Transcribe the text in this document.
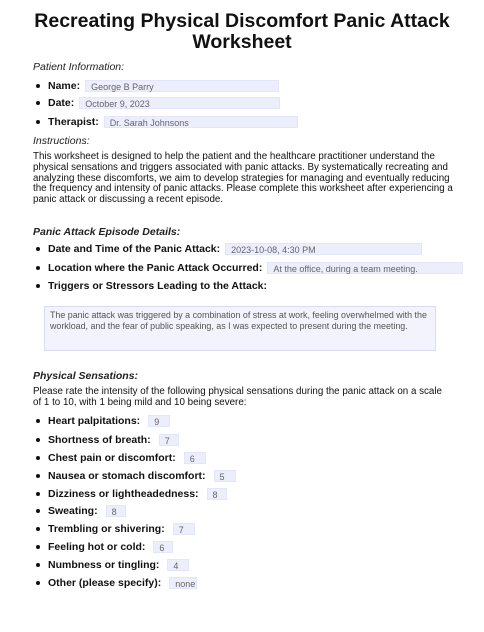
Recreating Physical Discomfort Panic Attack Worksheet
Patient Information:
Name:	George B Parry
Date:	October 9, 2023
Therapist:	Dr. Sarah Johnsons
Instructions:
This worksheet is designed to help the patient and the healthcare practitioner understand the physical sensations and triggers associated with panic attacks. By systematically recreating and analyzing these discomforts, we aim to develop strategies for managing and eventually reducing the frequency and intensity of panic attacks. Please complete this worksheet after experiencing a panic attack or discussing a recent episode.
Panic Attack Episode Details:
Date and Time of the Panic Attack:	2023-10-08, 4:30 PM
Location where the Panic Attack Occurred:	At the office, during a team meeting.
Triggers or Stressors Leading to the Attack:
The panic attack was triggered by a combination of stress at work, feeling overwhelmed with the workload, and the fear of public speaking, as I was expected to present during the meeting.
Physical Sensations:
Please rate the intensity of the following physical sensations during the panic attack on a scale of 1 to 10, with 1 being mild and 10 being severe:
Heart palpitations:	9
Shortness of breath:	7
Chest pain or discomfort:	6
Nausea or stomach discomfort:	5
Dizziness or lightheadedness:	8
Sweating:	8
Trembling or shivering:	7
Feeling hot or cold:	6
Numbness or tingling:	4
Other (please specify):	none
